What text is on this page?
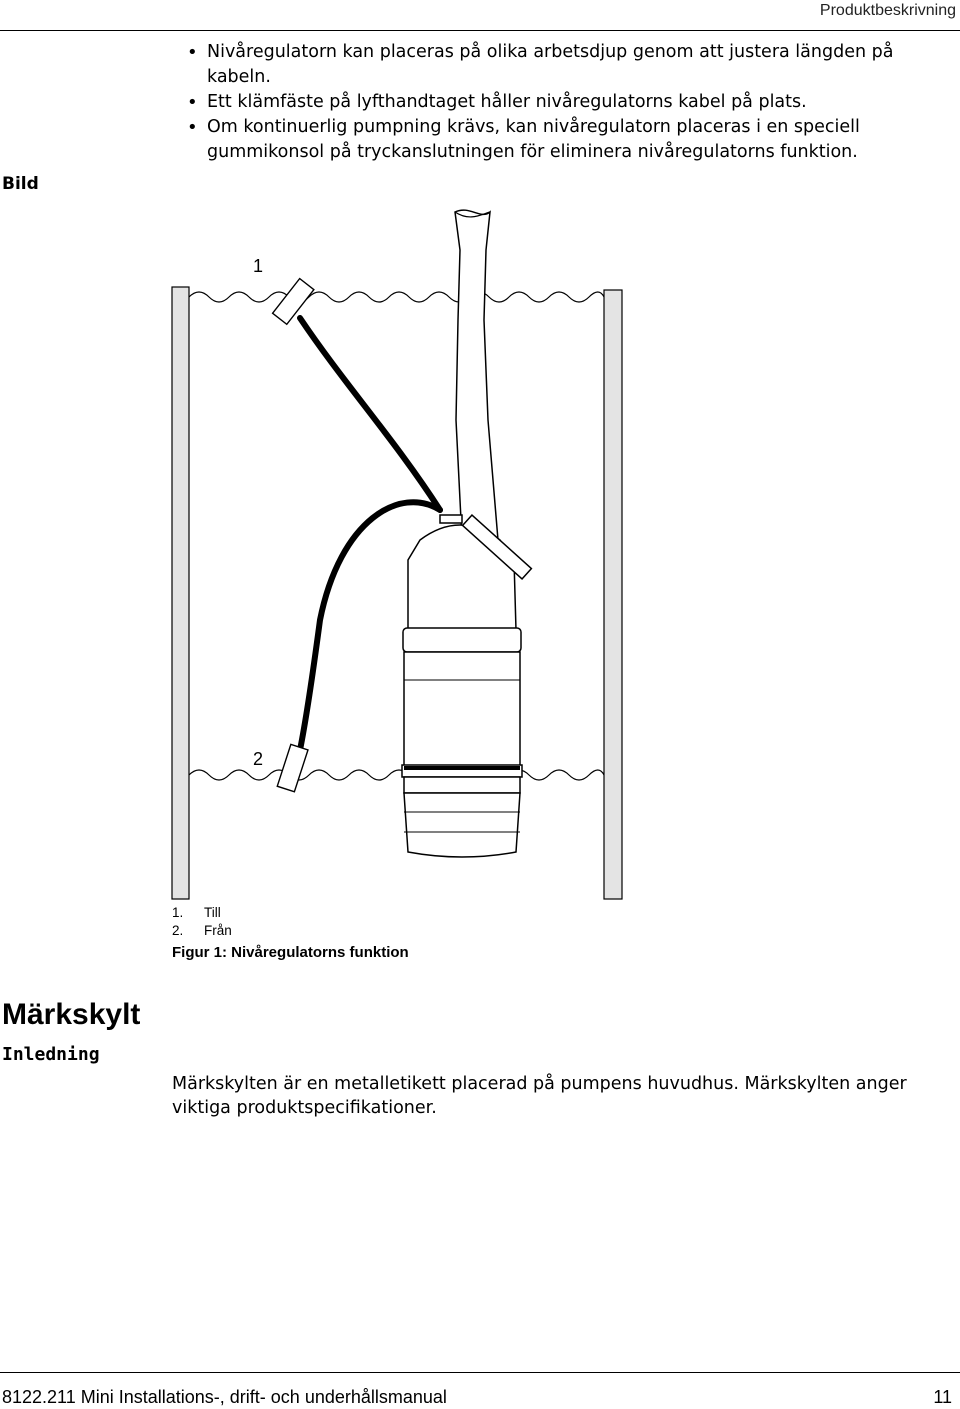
Produktbeskrivning
Bild
• Nivåregulatorn kan placeras på olika arbetsdjup genom att justera längden på kabeln.
• Ett klämfäste på lyfthandtaget håller nivåregulatorns kabel på plats.
• Om kontinuerlig pumpning krävs, kan nivåregulatorn placeras i en speciell gummikonsol på tryckanslutningen för eliminera nivåregulatorns funktion.
1
2
1. Till
2. Från
Figur 1: Nivåregulatorns funktion
Märkskylt
Inledning
Märkskylten är en metalletikett placerad på pumpens huvudhus. Märkskylten anger viktiga produktspecifikationer.
8122.211 Mini Installations-, drift- och underhållsmanual	11
